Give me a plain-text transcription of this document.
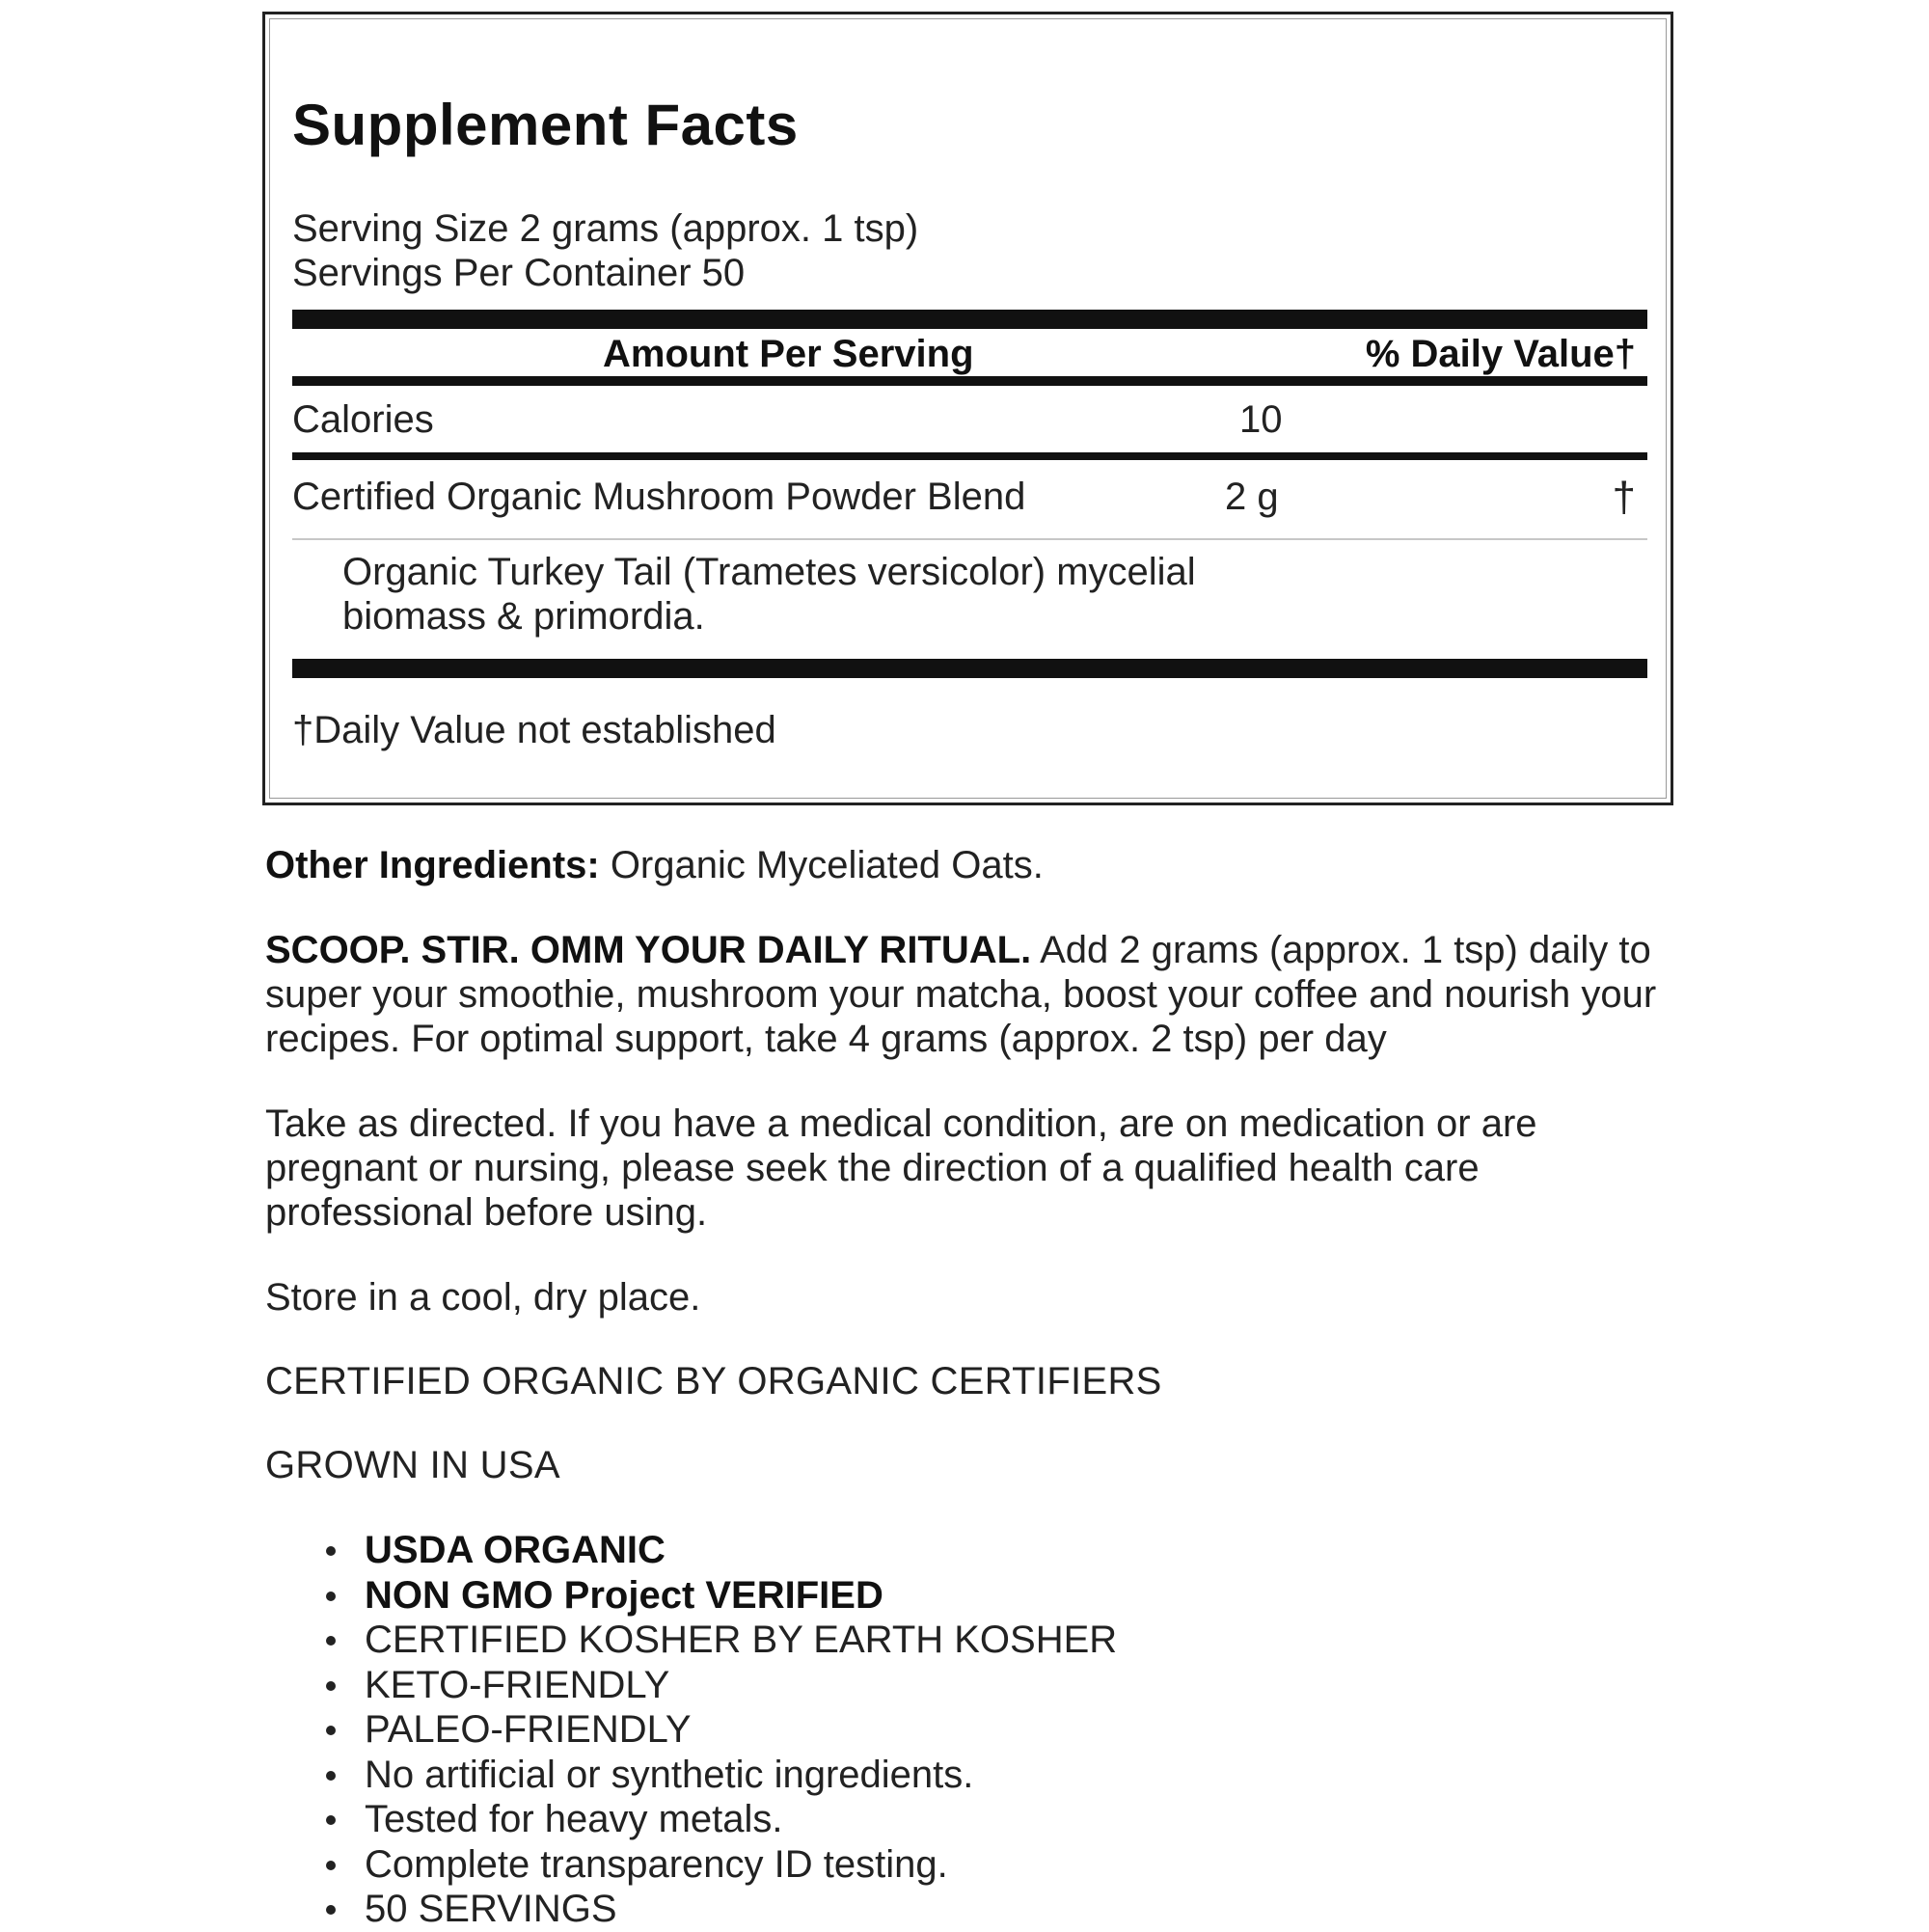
Supplement Facts
Serving Size 2 grams (approx. 1 tsp)
Servings Per Container 50
Amount Per Serving	% Daily Value†
Calories	10
Certified Organic Mushroom Powder Blend	2 g	†
Organic Turkey Tail (Trametes versicolor) mycelial biomass & primordia.
†Daily Value not established
Other Ingredients: Organic Myceliated Oats.
SCOOP. STIR. OMM YOUR DAILY RITUAL. Add 2 grams (approx. 1 tsp) daily to super your smoothie, mushroom your matcha, boost your coffee and nourish your recipes. For optimal support, take 4 grams (approx. 2 tsp) per day
Take as directed. If you have a medical condition, are on medication or are pregnant or nursing, please seek the direction of a qualified health care professional before using.
Store in a cool, dry place.
CERTIFIED ORGANIC BY ORGANIC CERTIFIERS
GROWN IN USA
USDA ORGANIC
NON GMO Project VERIFIED
CERTIFIED KOSHER BY EARTH KOSHER
KETO-FRIENDLY
PALEO-FRIENDLY
No artificial or synthetic ingredients.
Tested for heavy metals.
Complete transparency ID testing.
50 SERVINGS
